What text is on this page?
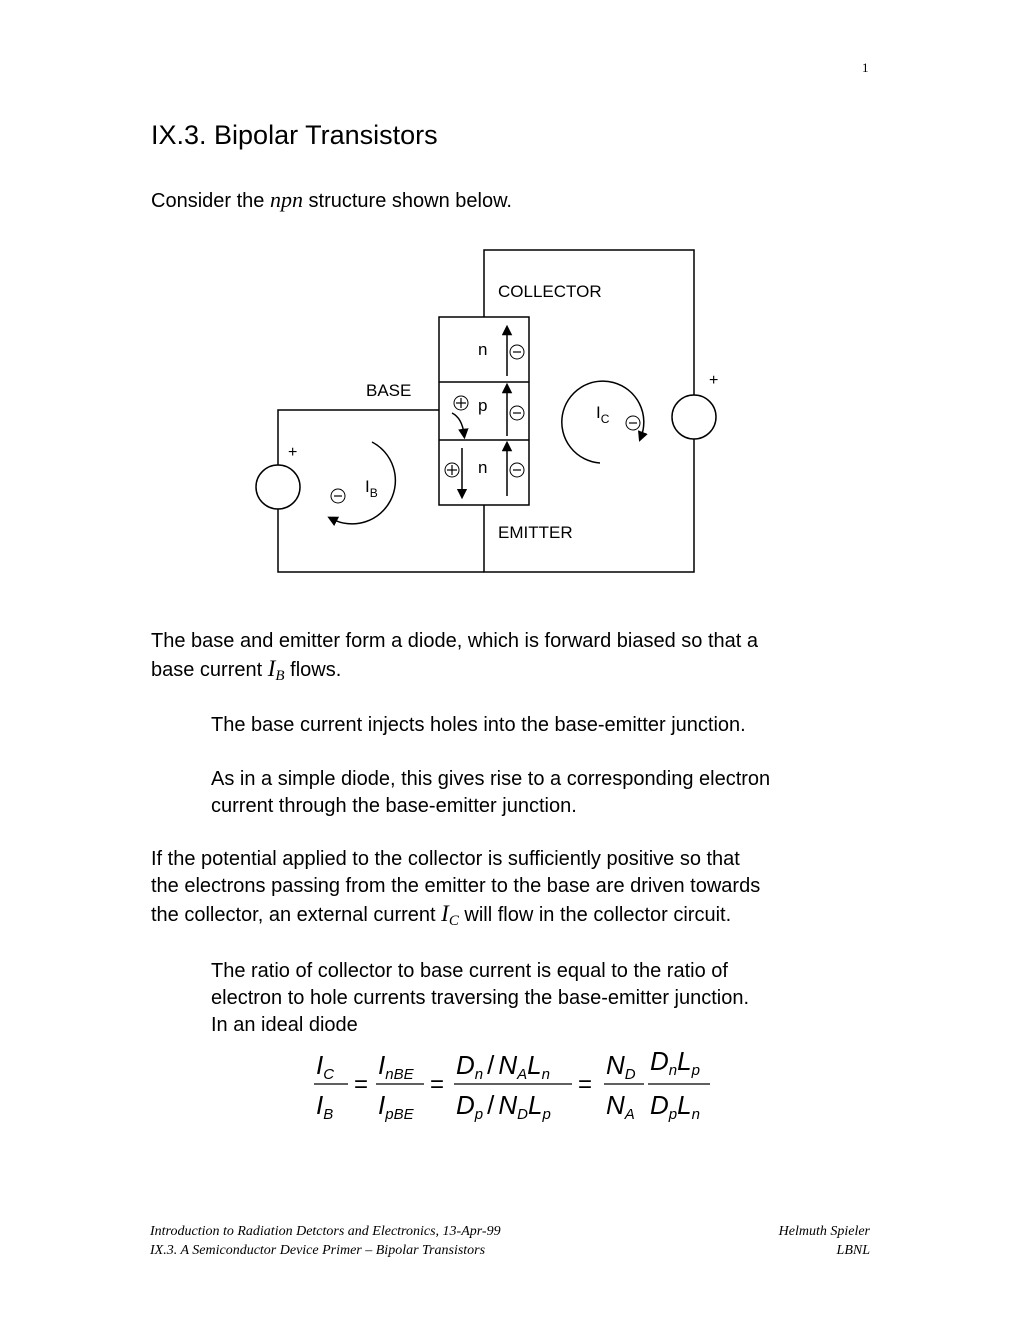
1
IX.3. Bipolar Transistors
Consider the npn structure shown below.
COLLECTOR
BASE
EMITTER
n
p
n
+
+
$I_C$
$I_B$
The base and emitter form a diode, which is forward biased so that a
base current $I_B$ flows.
The base current injects holes into the base-emitter junction.
As in a simple diode, this gives rise to a corresponding electron
current through the base-emitter junction.
If the potential applied to the collector is sufficiently positive so that
the electrons passing from the emitter to the base are driven towards
the collector, an external current $I_C$ will flow in the collector circuit.
The ratio of collector to base current is equal to the ratio of
electron to hole currents traversing the base-emitter junction.
In an ideal diode
IC
IB
=
InBE
IpBE
=
Dn / NALn
Dp / NDLp
=
ND
NA
DnLp
DpLn
Introduction to Radiation Detctors and Electronics, 13-Apr-99
IX.3. A Semiconductor Device Primer – Bipolar Transistors
Helmuth Spieler
LBNL
